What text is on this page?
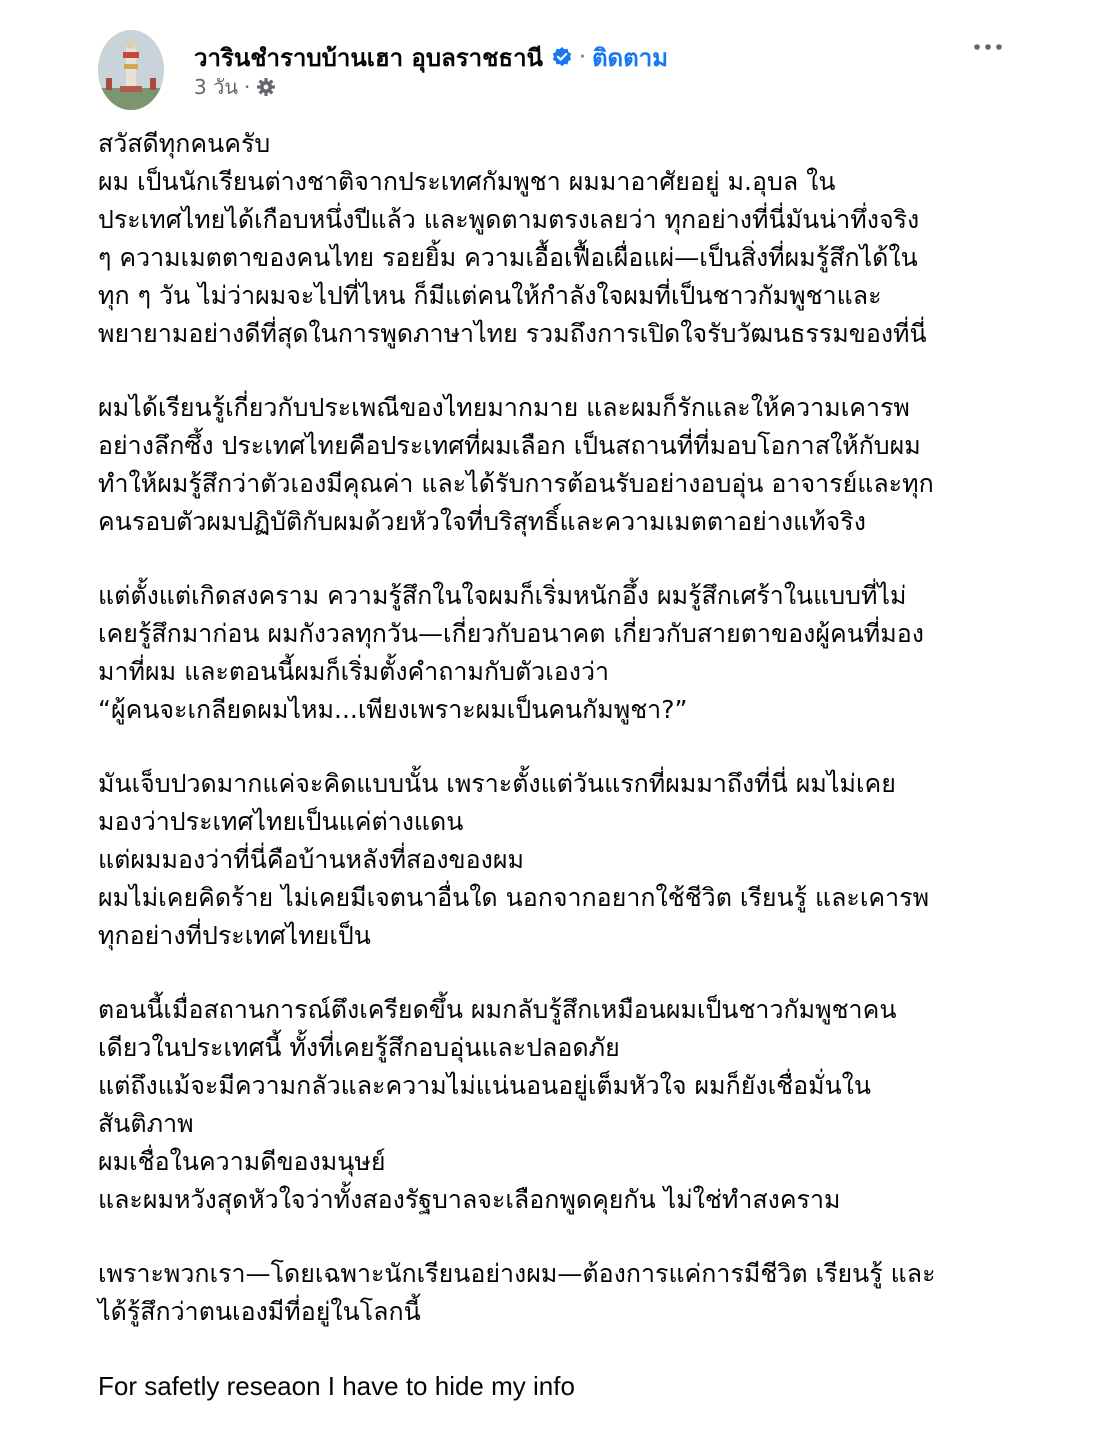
วารินชำราบบ้านเฮา อุบลราชธานี · ติดตาม
3 วัน ·
สวัสดีทุกคนครับ
ผม เป็นนักเรียนต่างชาติจากประเทศกัมพูชา ผมมาอาศัยอยู่ ม.อุบล ใน
ประเทศไทยได้เกือบหนึ่งปีแล้ว และพูดตามตรงเลยว่า ทุกอย่างที่นี่มันน่าทึ่งจริง
ๆ ความเมตตาของคนไทย รอยยิ้ม ความเอื้อเฟื้อเผื่อแผ่—เป็นสิ่งที่ผมรู้สึกได้ใน
ทุก ๆ วัน ไม่ว่าผมจะไปที่ไหน ก็มีแต่คนให้กำลังใจผมที่เป็นชาวกัมพูชาและ
พยายามอย่างดีที่สุดในการพูดภาษาไทย รวมถึงการเปิดใจรับวัฒนธรรมของที่นี่
ผมได้เรียนรู้เกี่ยวกับประเพณีของไทยมากมาย และผมก็รักและให้ความเคารพ
อย่างลึกซึ้ง ประเทศไทยคือประเทศที่ผมเลือก เป็นสถานที่ที่มอบโอกาสให้กับผม
ทำให้ผมรู้สึกว่าตัวเองมีคุณค่า และได้รับการต้อนรับอย่างอบอุ่น อาจารย์และทุก
คนรอบตัวผมปฏิบัติกับผมด้วยหัวใจที่บริสุทธิ์และความเมตตาอย่างแท้จริง
แต่ตั้งแต่เกิดสงคราม ความรู้สึกในใจผมก็เริ่มหนักอึ้ง ผมรู้สึกเศร้าในแบบที่ไม่
เคยรู้สึกมาก่อน ผมกังวลทุกวัน—เกี่ยวกับอนาคต เกี่ยวกับสายตาของผู้คนที่มอง
มาที่ผม และตอนนี้ผมก็เริ่มตั้งคำถามกับตัวเองว่า
“ผู้คนจะเกลียดผมไหม...เพียงเพราะผมเป็นคนกัมพูชา?”
มันเจ็บปวดมากแค่จะคิดแบบนั้น เพราะตั้งแต่วันแรกที่ผมมาถึงที่นี่ ผมไม่เคย
มองว่าประเทศไทยเป็นแค่ต่างแดน
แต่ผมมองว่าที่นี่คือบ้านหลังที่สองของผม
ผมไม่เคยคิดร้าย ไม่เคยมีเจตนาอื่นใด นอกจากอยากใช้ชีวิต เรียนรู้ และเคารพ
ทุกอย่างที่ประเทศไทยเป็น
ตอนนี้เมื่อสถานการณ์ตึงเครียดขึ้น ผมกลับรู้สึกเหมือนผมเป็นชาวกัมพูชาคน
เดียวในประเทศนี้ ทั้งที่เคยรู้สึกอบอุ่นและปลอดภัย
แต่ถึงแม้จะมีความกลัวและความไม่แน่นอนอยู่เต็มหัวใจ ผมก็ยังเชื่อมั่นใน
สันติภาพ
ผมเชื่อในความดีของมนุษย์
และผมหวังสุดหัวใจว่าทั้งสองรัฐบาลจะเลือกพูดคุยกัน ไม่ใช่ทำสงคราม
เพราะพวกเรา—โดยเฉพาะนักเรียนอย่างผม—ต้องการแค่การมีชีวิต เรียนรู้ และ
ได้รู้สึกว่าตนเองมีที่อยู่ในโลกนี้
For safetly reseaon I have to hide my info
